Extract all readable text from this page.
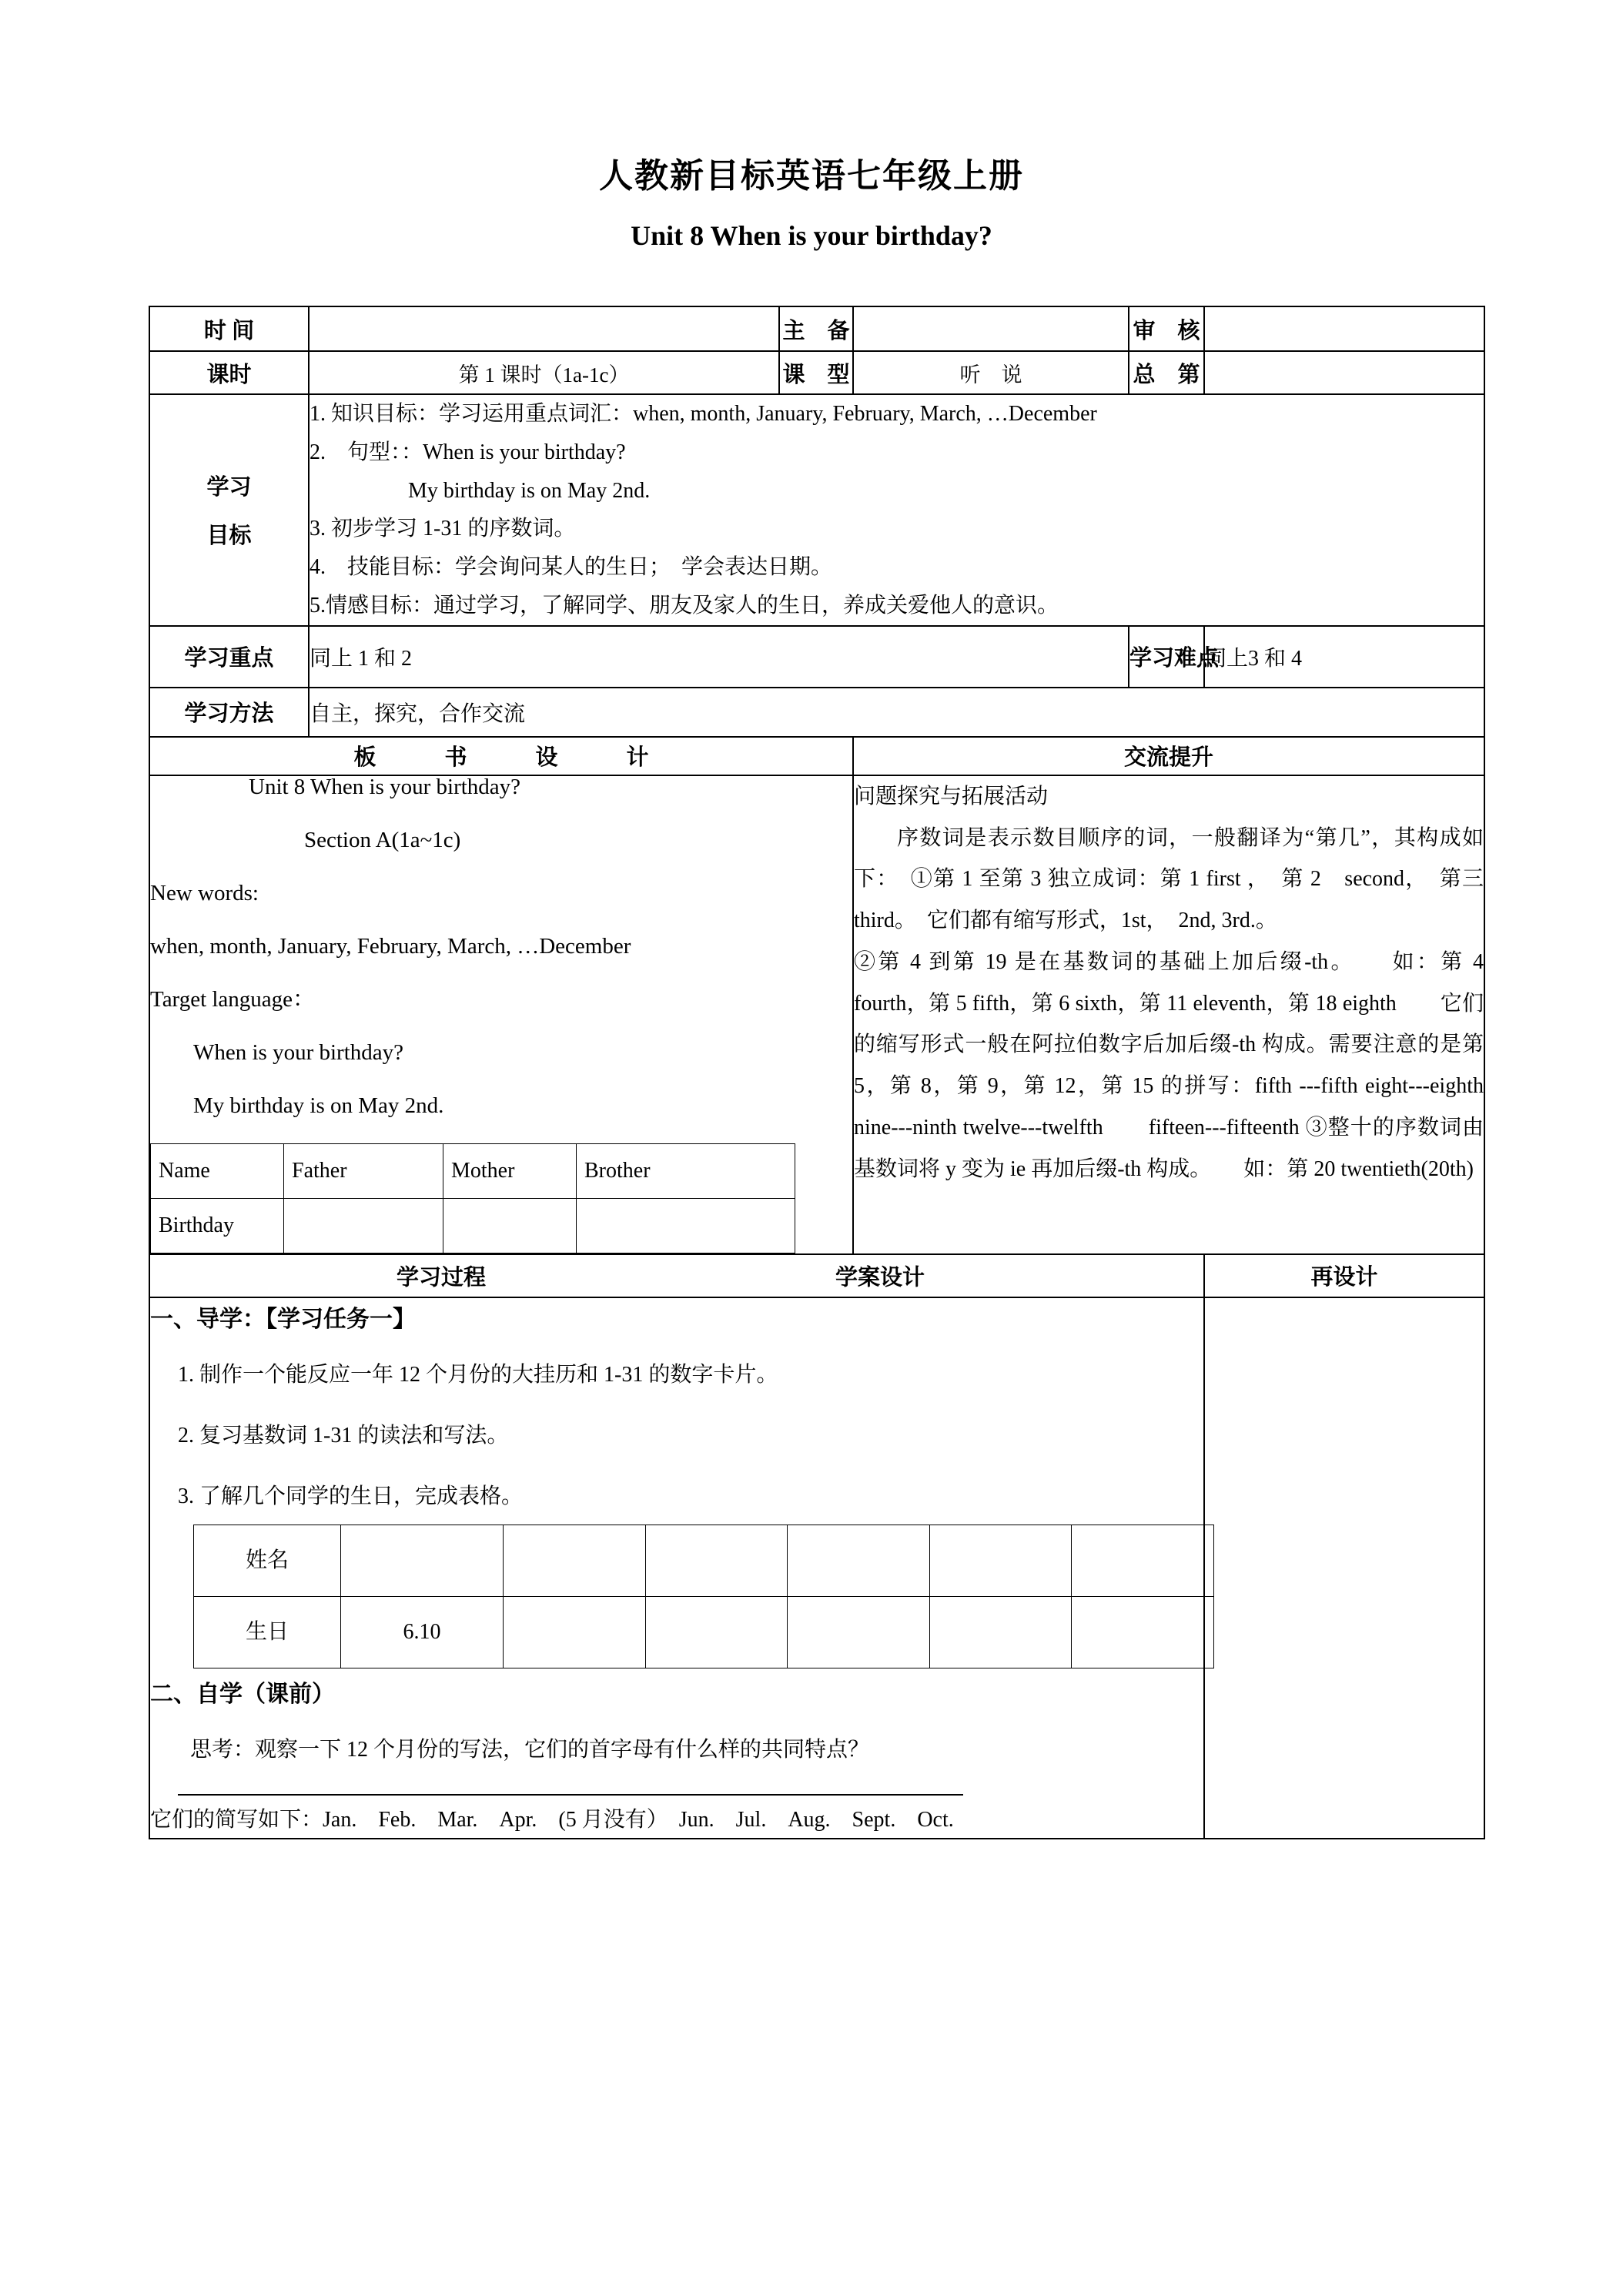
人教新目标英语七年级上册
Unit 8 When is your birthday?
时 间		主　备		审　核	
课时	第 1 课时（1a-1c）	课　型	听　说	总　第	

学习
目标

1. 知识目标：学习运用重点词汇：when, month, January, February, March, …December
2.　句型：：When is your birthday?
My birthday is on May 2nd.
3. 初步学习 1-31 的序数词。
4.　技能目标：学会询问某人的生日；　学会表达日期。
5.情感目标：通过学习，了解同学、朋友及家人的生日，养成关爱他人的意识。

学习重点	同上 1 和 2	学习难点	同上3 和 4
学习方法	自主，探究，合作交流
板　书　设　计	交流提升

Unit 8 When is your birthday?
Section A(1a~1c)
New words:
when, month, January, February, March, …December
Target language：
When is your birthday?
My birthday is on May 2nd.
Name	Father	Mother	Brother
Birthday			

问题探究与拓展活动

序数词是表示数目顺序的词，一般翻译为“第几”，其构成如下：　①第 1 至第 3 独立成词：第 1 first ，　第 2　second，　第三 third。　它们都有缩写形式，1st，　2nd, 3rd.。

②第 4 到第 19 是在基数词的基础上加后缀-th。　　如：第 4 fourth，第 5 fifth，第 6 sixth，第 11 eleventh，第 18 eighth　　它们的缩写形式一般在阿拉伯数字后加后缀-th 构成。需要注意的是第 5，第 8，第 9，第 12，第 15 的拼写：fifth ---fifth eight---eighth　nine---ninth twelve---twelfth　　fifteen---fifteenth ③整十的序数词由基数词将 y 变为 ie 再加后缀-th 构成。　　如：第 20 twentieth(20th)

学习过程	学案设计	再设计

一、导学：【学习任务一】
1. 制作一个能反应一年 12 个月份的大挂历和 1-31 的数字卡片。
2. 复习基数词 1-31 的读法和写法。
3. 了解几个同学的生日，完成表格。
姓名						
生日	6.10					
二、自学（课前）
思考：观察一下 12 个月份的写法，它们的首字母有什么样的共同特点？
它们的简写如下：Jan.　Feb.　Mar.　Apr.　(5 月没有）　Jun.　Jul.　Aug.　Sept.　Oct.
